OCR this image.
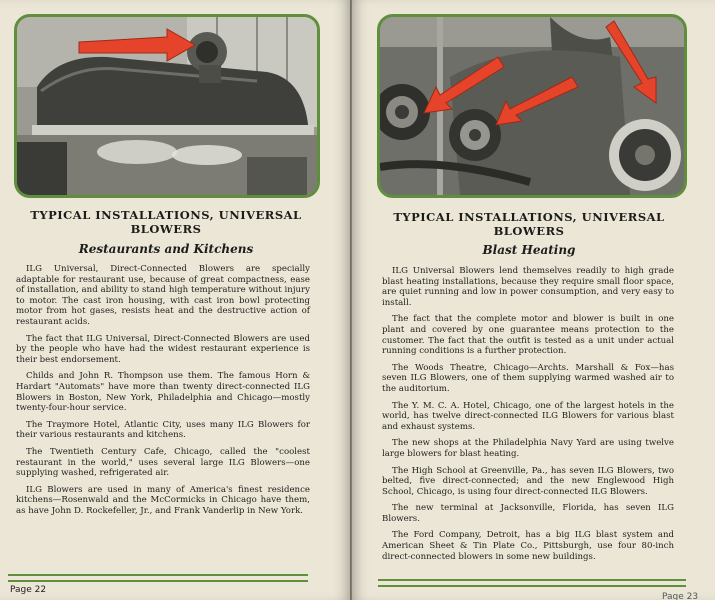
TYPICAL INSTALLATIONS, UNIVERSAL BLOWERS
Restaurants and Kitchens

ILG Universal, Direct-Connected Blowers are specially adaptable for restaurant use, because of great compactness, ease of installation, and ability to stand high temperature without injury to motor. The cast iron housing, with cast iron bowl protecting motor from hot gases, resists heat and the destructive action of restaurant acids.

The fact that ILG Universal, Direct-Connected Blowers are used by the people who have had the widest restaurant experience is their best endorsement.

Childs and John R. Thompson use them. The famous Horn & Hardart "Automats" have more than twenty direct-connected ILG Blowers in Boston, New York, Philadelphia and Chicago—mostly twenty-four-hour service.

The Traymore Hotel, Atlantic City, uses many ILG Blowers for their various restaurants and kitchens.

The Twentieth Century Cafe, Chicago, called the "coolest restaurant in the world," uses several large ILG Blowers—one supplying washed, refrigerated air.

ILG Blowers are used in many of America's finest residence kitchens—Rosenwald and the McCormicks in Chicago have them, as have John D. Rockefeller, Jr., and Frank Vanderlip in New York.

Page 22
TYPICAL INSTALLATIONS, UNIVERSAL BLOWERS
Blast Heating

ILG Universal Blowers lend themselves readily to high grade blast heating installations, because they require small floor space, are quiet running and low in power consumption, and very easy to install.

The fact that the complete motor and blower is built in one plant and covered by one guarantee means protection to the customer. The fact that the outfit is tested as a unit under actual running conditions is a further protection.

The Woods Theatre, Chicago—Archts. Marshall & Fox—has seven ILG Blowers, one of them supplying warmed washed air to the auditorium.

The Y. M. C. A. Hotel, Chicago, one of the largest hotels in the world, has twelve direct-connected ILG Blowers for various blast and exhaust systems.

The new shops at the Philadelphia Navy Yard are using twelve large blowers for blast heating.

The High School at Greenville, Pa., has seven ILG Blowers, two belted, five direct-connected; and the new Englewood High School, Chicago, is using four direct-connected ILG Blowers.

The new terminal at Jacksonville, Florida, has seven ILG Blowers.

The Ford Company, Detroit, has a big ILG blast system and American Sheet & Tin Plate Co., Pittsburgh, use four 80-inch direct-connected blowers in some new buildings.

Page 23
